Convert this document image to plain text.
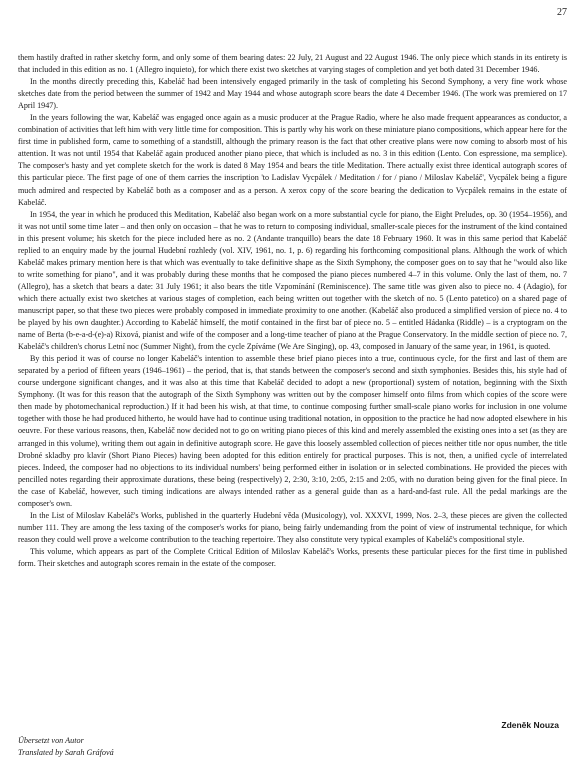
27

them hastily drafted in rather sketchy form, and only some of them bearing dates: 22 July, 21 August and 22 August 1946. The only piece which stands in its entirety is that included in this edition as no. 1 (Allegro inquieto), for which there exist two sketches at varying stages of completion and yet both dated 31 December 1946.

In the months directly preceding this, Kabeláč had been intensively engaged primarily in the task of completing his Second Symphony, a very fine work whose sketches date from the period between the summer of 1942 and May 1944 and whose autograph score bears the date 4 December 1946. (The work was premiered on 17 April 1947).

In the years following the war, Kabeláč was engaged once again as a music producer at the Prague Radio, where he also made frequent appearances as conductor, a combination of activities that left him with very little time for composition. This is partly why his work on these miniature piano compositions, which appear here for the first time in published form, came to something of a standstill, although the primary reason is the fact that other creative plans were now coming to absorb most of his attention. It was not until 1954 that Kabeláč again produced another piano piece, that which is included as no. 3 in this edition (Lento. Con espressione, ma semplice). The composer's hasty and yet complete sketch for the work is dated 8 May 1954 and bears the title Meditation. There actually exist three identical autograph scores of this particular piece. The first page of one of them carries the inscription 'to Ladislav Vycpálek / Meditation / for / piano / Miloslav Kabeláč', Vycpálek being a figure much admired and respected by Kabeláč both as a composer and as a person. A xerox copy of the score bearing the dedication to Vycpálek remains in the estate of Kabeláč.

In 1954, the year in which he produced this Meditation, Kabeláč also began work on a more substantial cycle for piano, the Eight Preludes, op. 30 (1954–1956), and it was not until some time later – and then only on occasion – that he was to return to composing individual, smaller-scale pieces for the instrument of the kind contained in this present volume; his sketch for the piece included here as no. 2 (Andante tranquillo) bears the date 18 February 1960. It was in this same period that Kabeláč replied to an enquiry made by the journal Hudební rozhledy (vol. XIV, 1961, no. 1, p. 6) regarding his forthcoming compositional plans. Although the work of which Kabeláč makes primary mention here is that which was eventually to take definitive shape as the Sixth Symphony, the composer goes on to say that he "would also like to write something for piano", and it was probably during these months that he composed the piano pieces numbered 4–7 in this volume. Only the last of them, no. 7 (Allegro), has a sketch that bears a date: 31 July 1961; it also bears the title Vzpomínání (Reminiscence). The same title was given also to piece no. 4 (Adagio), for which there actually exist two sketches at various stages of completion, each being written out together with the sketch of no. 5 (Lento patetico) on a shared page of manuscript paper, so that these two pieces were probably composed in immediate proximity to one another. (Kabeláč also produced a simplified version of piece no. 4 to be played by his own daughter.) According to Kabeláč himself, the motif contained in the first bar of piece no. 5 – entitled Hádanka (Riddle) – is a cryptogram on the name of Berta (b-e-a-d-(e)-a) Rixová, pianist and wife of the composer and a long-time teacher of piano at the Prague Conservatory. In the middle section of piece no. 7, Kabeláč's children's chorus Letní noc (Summer Night), from the cycle Zpíváme (We Are Singing), op. 43, composed in January of the same year, in 1961, is quoted.

By this period it was of course no longer Kabeláč's intention to assemble these brief piano pieces into a true, continuous cycle, for the first and last of them are separated by a period of fifteen years (1946–1961) – the period, that is, that stands between the composer's second and sixth symphonies. Besides this, his style had of course undergone significant changes, and it was also at this time that Kabeláč decided to adopt a new (proportional) system of notation, beginning with the Sixth Symphony. (It was for this reason that the autograph of the Sixth Symphony was written out by the composer himself onto films from which copies of the score were then made by photomechanical reproduction.) If it had been his wish, at that time, to continue composing further small-scale piano works for inclusion in one volume together with those he had produced hitherto, he would have had to continue using traditional notation, in opposition to the practice he had now adopted elsewhere in his oeuvre. For these various reasons, then, Kabeláč now decided not to go on writing piano pieces of this kind and merely assembled the existing ones into a set (as they are arranged in this volume), writing them out again in definitive autograph score. He gave this loosely assembled collection of pieces neither title nor opus number, the title Drobné skladby pro klavír (Short Piano Pieces) having been adopted for this edition entirely for practical purposes. This is not, then, a unified cycle of interrelated pieces. Indeed, the composer had no objections to its individual numbers' being performed either in isolation or in selected combinations. He provided the pieces with pencilled notes regarding their approximate durations, these being (respectively) 2, 2:30, 3:10, 2:05, 2:15 and 2:05, with no duration being given for the final piece. In the case of Kabeláč, however, such timing indications are always intended rather as a general guide than as a hard-and-fast rule. All the pedal markings are the composer's own.

In the List of Miloslav Kabeláč's Works, published in the quarterly Hudební věda (Musicology), vol. XXXVI, 1999, Nos. 2–3, these pieces are given the collected number 111. They are among the less taxing of the composer's works for piano, being fairly undemanding from the point of view of instrumental technique, for which reason they could well prove a welcome contribution to the teaching repertoire. They also constitute very typical examples of Kabeláč's compositional style.

This volume, which appears as part of the Complete Critical Edition of Miloslav Kabeláč's Works, presents these particular pieces for the first time in published form. Their sketches and autograph scores remain in the estate of the composer.

Zdeněk Nouza
Übersetzt von Autor
Translated by Sarah Gráfová
